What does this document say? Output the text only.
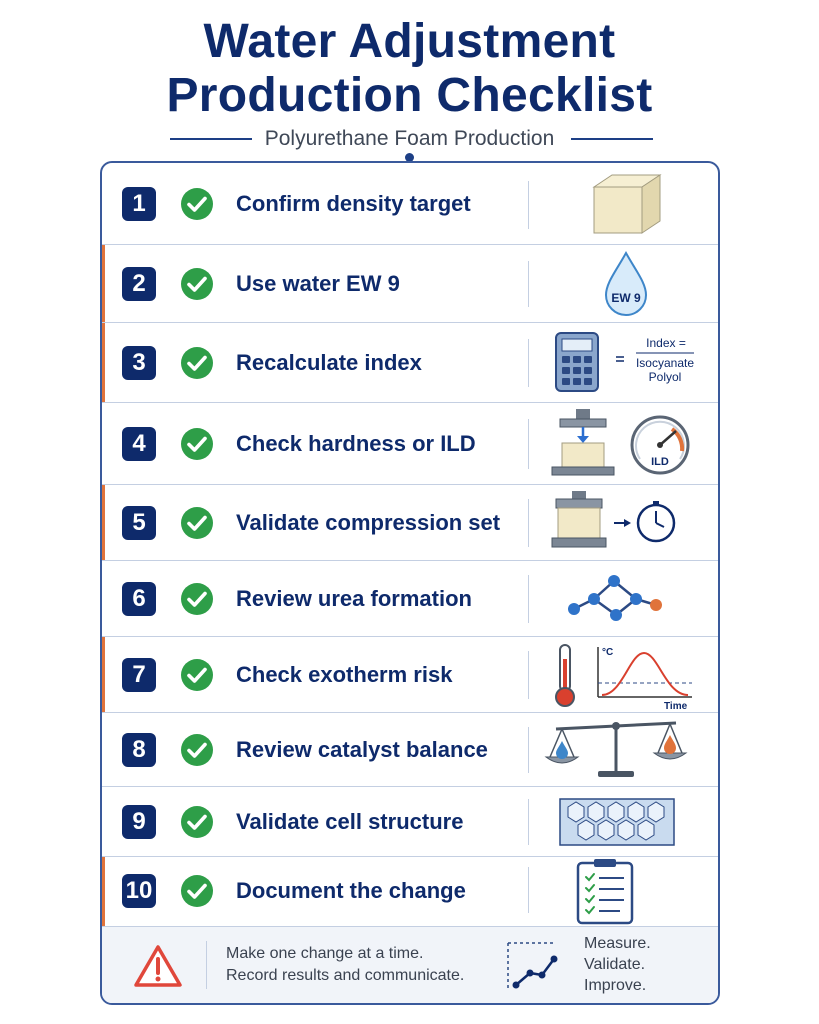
Water Adjustment
Production Checklist
Polyurethane Foam Production
1	Confirm density target
2	Use water EW 9
EW 9
3	Recalculate index
Index =
Isocyanate
Polyol
4	Check hardness or ILD
ILD
5	Validate compression set
6	Review urea formation
7	Check exotherm risk
°C
Time
8	Review catalyst balance
9	Validate cell structure
10	Document the change
Make one change at a time.
Record results and communicate.
Measure.
Validate.
Improve.
